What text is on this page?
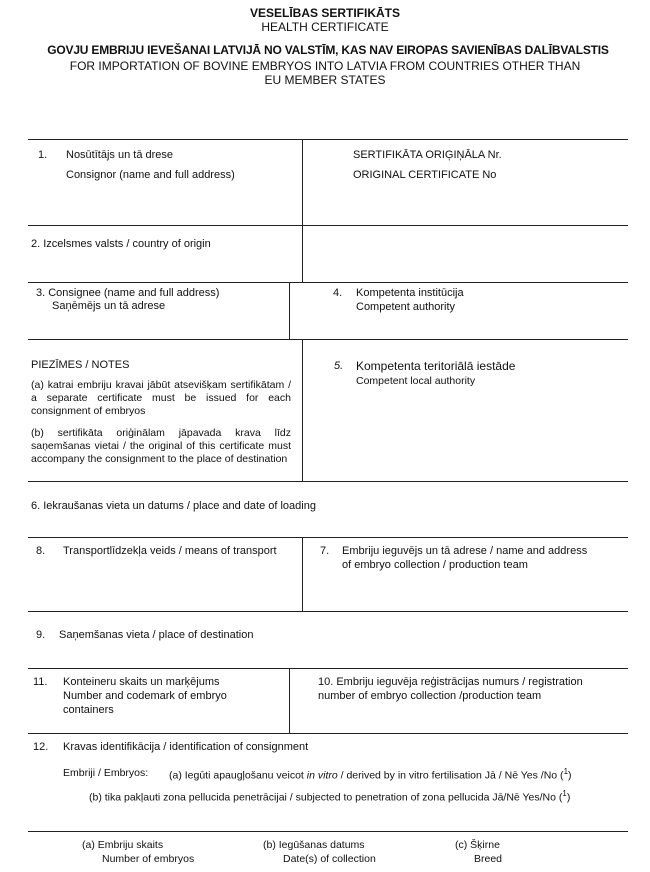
VESELĪBAS SERTIFIKĀTS
HEALTH CERTIFICATE
GOVJU EMBRIJU IEVEŠANAI LATVIJĀ NO VALSTĪM, KAS NAV EIROPAS SAVIENĪBAS DALĪBVALSTIS
FOR IMPORTATION OF BOVINE EMBRYOS INTO LATVIA FROM COUNTRIES OTHER THAN
EU MEMBER STATES
1. Nosūtītājs un tā drese
Consignor (name and full address)
SERTIFIKĀTA ORIĢIŅĀLA Nr.
ORIGINAL CERTIFICATE No
2. Izcelsmes valsts / country of origin
3. Consignee (name and full address)
Saņēmējs un tā adrese
4. Kompetenta institūcija
Competent authority
PIEZĪMES / NOTES
(a) katrai embriju kravai jābūt atsevišķam sertifikātam / a separate certificate must be issued for each consignment of embryos
(b) sertifikāta oriģinālam jāpavada krava līdz saņemšanas vietai / the original of this certificate must accompany the consignment to the place of destination
5. Kompetenta teritoriālā iestāde
Competent local authority
6. Iekraušanas vieta un datums / place and date of loading
8. Transportlīdzekļa veids / means of transport	7. Embriju ieguvējs un tā adrese / name and address
of embryo collection / production team
9. Saņemšanas vieta / place of destination
11. Konteineru skaits un marķējums
Number and codemark of embryo
containers
10. Embriju ieguvēja reģistrācijas numurs / registration
number of embryo collection /production team
12. Kravas identifikācija / identification of consignment
Embriji / Embryos: (a) Iegūti apaugļošanu veicot in vitro / derived by in vitro fertilisation Jā / Nē Yes /No ($^1$)
(b) tika pakļauti zona pellucida penetrācijai / subjected to penetration of zona pellucida Jā/Nē Yes/No ($^1$)
(a) Embriju skaits
Number of embryos
(b) Iegūšanas datums
Date(s) of collection
(c) Šķirne
Breed
